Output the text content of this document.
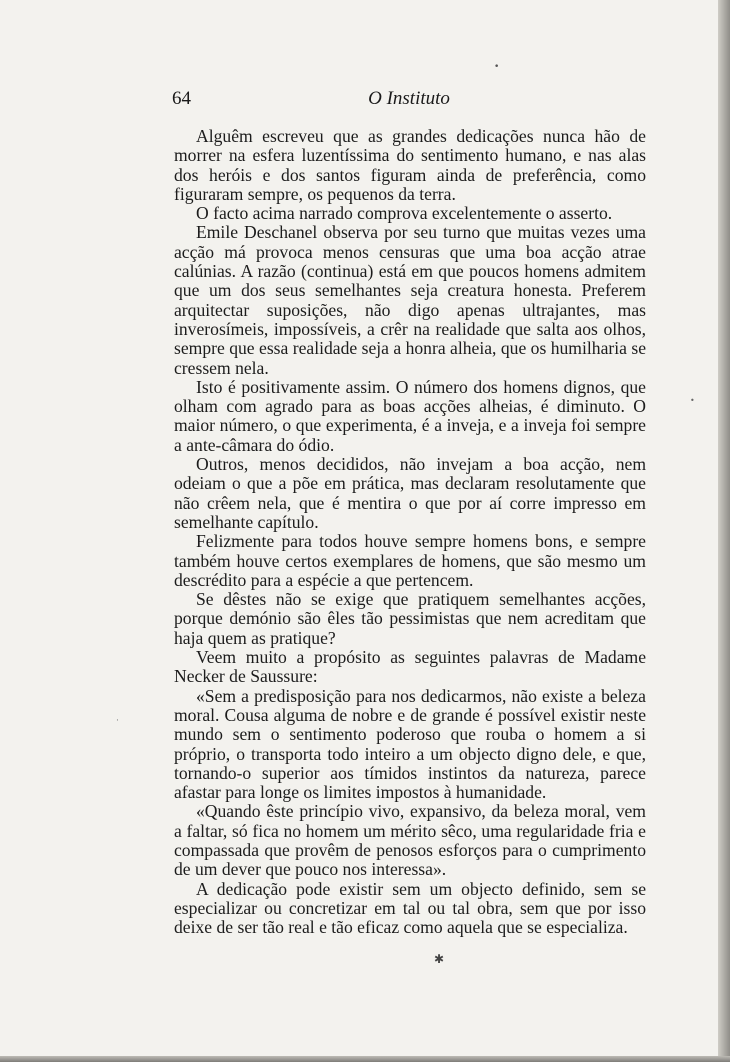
64	O Instituto

Alguêm escreveu que as grandes dedicações nunca hão de morrer na esfera luzentíssima do sentimento humano, e nas alas dos heróis e dos santos figuram ainda de preferência, como figuraram sempre, os pequenos da terra.

O facto acima narrado comprova excelentemente o asserto.

Emile Deschanel observa por seu turno que muitas vezes uma acção má provoca menos censuras que uma boa acção atrae calúnias. A razão (continua) está em que poucos homens admitem que um dos seus semelhantes seja creatura honesta. Preferem arquitectar suposições, não digo apenas ultrajantes, mas inverosímeis, impossíveis, a crêr na realidade que salta aos olhos, sempre que essa realidade seja a honra alheia, que os humilharia se cressem nela.

Isto é positivamente assim. O número dos homens dignos, que olham com agrado para as boas acções alheias, é diminuto. O maior número, o que experimenta, é a inveja, e a inveja foi sempre a ante-câmara do ódio.

Outros, menos decididos, não invejam a boa acção, nem odeiam o que a põe em prática, mas declaram resolutamente que não crêem nela, que é mentira o que por aí corre impresso em semelhante capítulo.

Felizmente para todos houve sempre homens bons, e sempre também houve certos exemplares de homens, que são mesmo um descrédito para a espécie a que pertencem.

Se dêstes não se exige que pratiquem semelhantes acções, porque demónio são êles tão pessimistas que nem acreditam que haja quem as pratique?

Veem muito a propósito as seguintes palavras de Madame Necker de Saussure:

«Sem a predisposição para nos dedicarmos, não existe a beleza moral. Cousa alguma de nobre e de grande é possível existir neste mundo sem o sentimento poderoso que rouba o homem a si próprio, o transporta todo inteiro a um objecto digno dele, e que, tornando-o superior aos tímidos instintos da natureza, parece afastar para longe os limites impostos à humanidade.

«Quando êste princípio vivo, expansivo, da beleza moral, vem a faltar, só fica no homem um mérito sêco, uma regularidade fria e compassada que provêm de penosos esforços para o cumprimento de um dever que pouco nos interessa».

A dedicação pode existir sem um objecto definido, sem se especializar ou concretizar em tal ou tal obra, sem que por isso deixe de ser tão real e tão eficaz como aquela que se especializa.

•
✱
·
•
